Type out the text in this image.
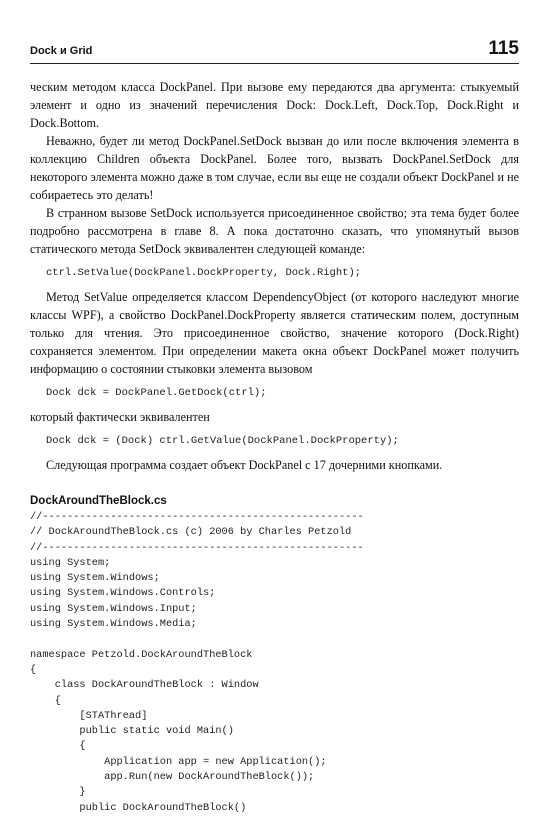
Dock и Grid	115

ческим методом класса DockPanel. При вызове ему передаются два аргумента: стыкуемый элемент и одно из значений перечисления Dock: Dock.Left, Dock.Top, Dock.Right и Dock.Bottom.

Неважно, будет ли метод DockPanel.SetDock вызван до или после включения элемента в коллекцию Children объекта DockPanel. Более того, вызвать DockPanel.SetDock для некоторого элемента можно даже в том случае, если вы еще не создали объект DockPanel и не собираетесь это делать!

В странном вызове SetDock используется присоединенное свойство; эта тема будет более подробно рассмотрена в главе 8. А пока достаточно сказать, что упомянутый вызов статического метода SetDock эквивалентен следующей команде:

ctrl.SetValue(DockPanel.DockProperty, Dock.Right);

Метод SetValue определяется классом DependencyObject (от которого наследуют многие классы WPF), а свойство DockPanel.DockProperty является статическим полем, доступным только для чтения. Это присоединенное свойство, значение которого (Dock.Right) сохраняется элементом. При определении макета окна объект DockPanel может получить информацию о состоянии стыковки элемента вызовом

Dock dck = DockPanel.GetDock(ctrl);

который фактически эквивалентен

Dock dck = (Dock) ctrl.GetValue(DockPanel.DockProperty);

Следующая программа создает объект DockPanel с 17 дочерними кнопками.

DockAroundTheBlock.cs
//----------------------------------------------------
// DockAroundTheBlock.cs (c) 2006 by Charles Petzold
//----------------------------------------------------
using System;
using System.Windows;
using System.Windows.Controls;
using System.Windows.Input;
using System.Windows.Media;

namespace Petzold.DockAroundTheBlock
{
class DockAroundTheBlock : Window
{
[STAThread]
public static void Main()
{
Application app = new Application();
app.Run(new DockAroundTheBlock());
}
public DockAroundTheBlock()
